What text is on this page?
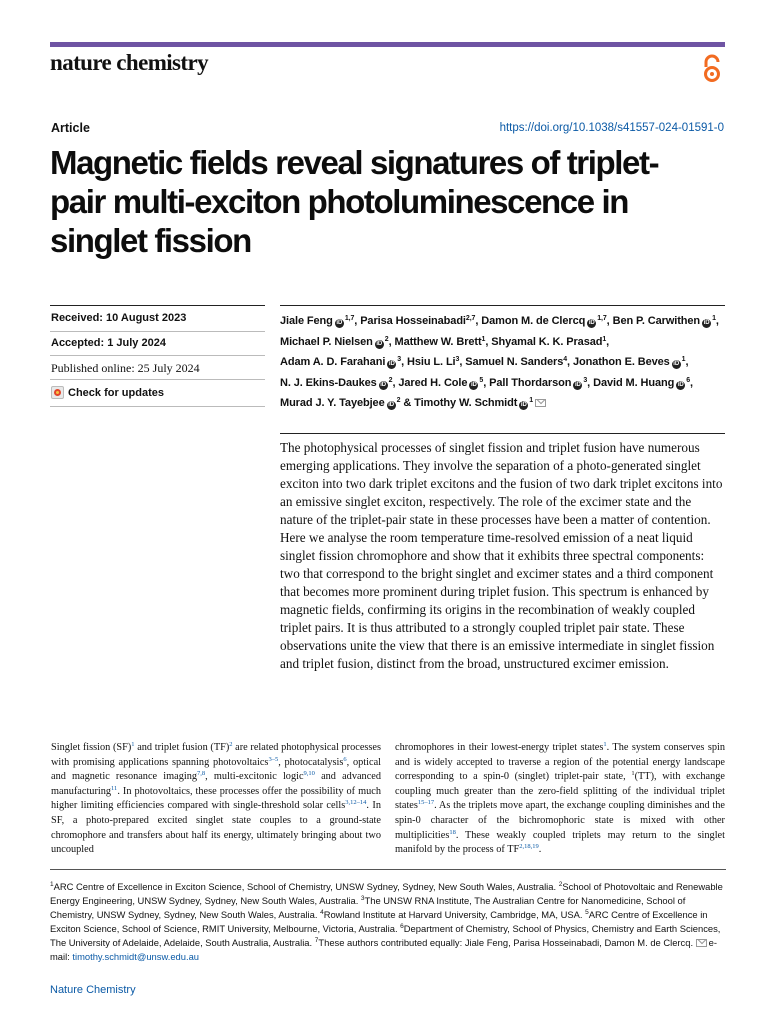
nature chemistry
Article	https://doi.org/10.1038/s41557-024-01591-0
Magnetic fields reveal signatures of triplet-pair multi-exciton photoluminescence in singlet fission
Received: 10 August 2023
Accepted: 1 July 2024
Published online: 25 July 2024
Check for updates
Jiale Feng iD$^{1,7}$, Parisa Hosseinabadi$^{2,7}$, Damon M. de Clercq iD$^{1,7}$, Ben P. Carwithen iD$^1$, Michael P. Nielsen iD$^2$, Matthew W. Brett$^1$, Shyamal K. K. Prasad$^1$, Adam A. D. Farahani iD$^3$, Hsiu L. Li$^3$, Samuel N. Sanders$^4$, Jonathon E. Beves iD$^1$, N. J. Ekins-Daukes iD$^2$, Jared H. Cole iD$^5$, Pall Thordarson iD$^3$, David M. Huang iD$^6$, Murad J. Y. Tayebjee iD$^2$ & Timothy W. Schmidt iD$^1$

The photophysical processes of singlet fission and triplet fusion have numerous emerging applications. They involve the separation of a photo-generated singlet exciton into two dark triplet excitons and the fusion of two dark triplet excitons into an emissive singlet exciton, respectively. The role of the excimer state and the nature of the triplet-pair state in these processes have been a matter of contention. Here we analyse the room temperature time-resolved emission of a neat liquid singlet fission chromophore and show that it exhibits three spectral components: two that correspond to the bright singlet and excimer states and a third component that becomes more prominent during triplet fusion. This spectrum is enhanced by magnetic fields, confirming its origins in the recombination of weakly coupled triplet pairs. It is thus attributed to a strongly coupled triplet pair state. These observations unite the view that there is an emissive intermediate in singlet fission and triplet fusion, distinct from the broad, unstructured excimer emission.

Singlet fission (SF)$^1$ and triplet fusion (TF)$^2$ are related photophysical processes with promising applications spanning photovoltaics$^{3-5}$, photocatalysis$^6$, optical and magnetic resonance imaging$^{7,8}$, multi-excitonic logic$^{9,10}$ and advanced manufacturing$^{11}$. In photovoltaics, these processes offer the possibility of much higher limiting efficiencies compared with single-threshold solar cells$^{3,12-14}$. In SF, a photo-prepared excited singlet state couples to a ground-state chromophore and transfers about half its energy, ultimately bringing about two uncoupled

chromophores in their lowest-energy triplet states$^1$. The system conserves spin and is widely accepted to traverse a region of the potential energy landscape corresponding to a spin-0 (singlet) triplet-pair state, $^1$(TT), with exchange coupling much greater than the zero-field splitting of the individual triplet states$^{15-17}$. As the triplets move apart, the exchange coupling diminishes and the spin-0 character of the bichromophoric state is mixed with other multiplicities$^{18}$. These weakly coupled triplets may return to the singlet manifold by the process of TF$^{2,18,19}$.

$^1$ARC Centre of Excellence in Exciton Science, School of Chemistry, UNSW Sydney, Sydney, New South Wales, Australia. $^2$School of Photovoltaic and Renewable Energy Engineering, UNSW Sydney, Sydney, New South Wales, Australia. $^3$The UNSW RNA Institute, The Australian Centre for Nanomedicine, School of Chemistry, UNSW Sydney, Sydney, New South Wales, Australia. $^4$Rowland Institute at Harvard University, Cambridge, MA, USA. $^5$ARC Centre of Excellence in Exciton Science, School of Science, RMIT University, Melbourne, Victoria, Australia. $^6$Department of Chemistry, School of Physics, Chemistry and Earth Sciences, The University of Adelaide, Adelaide, South Australia, Australia. $^7$These authors contributed equally: Jiale Feng, Parisa Hosseinabadi, Damon M. de Clercq. e-mail: timothy.schmidt@unsw.edu.au

Nature Chemistry
